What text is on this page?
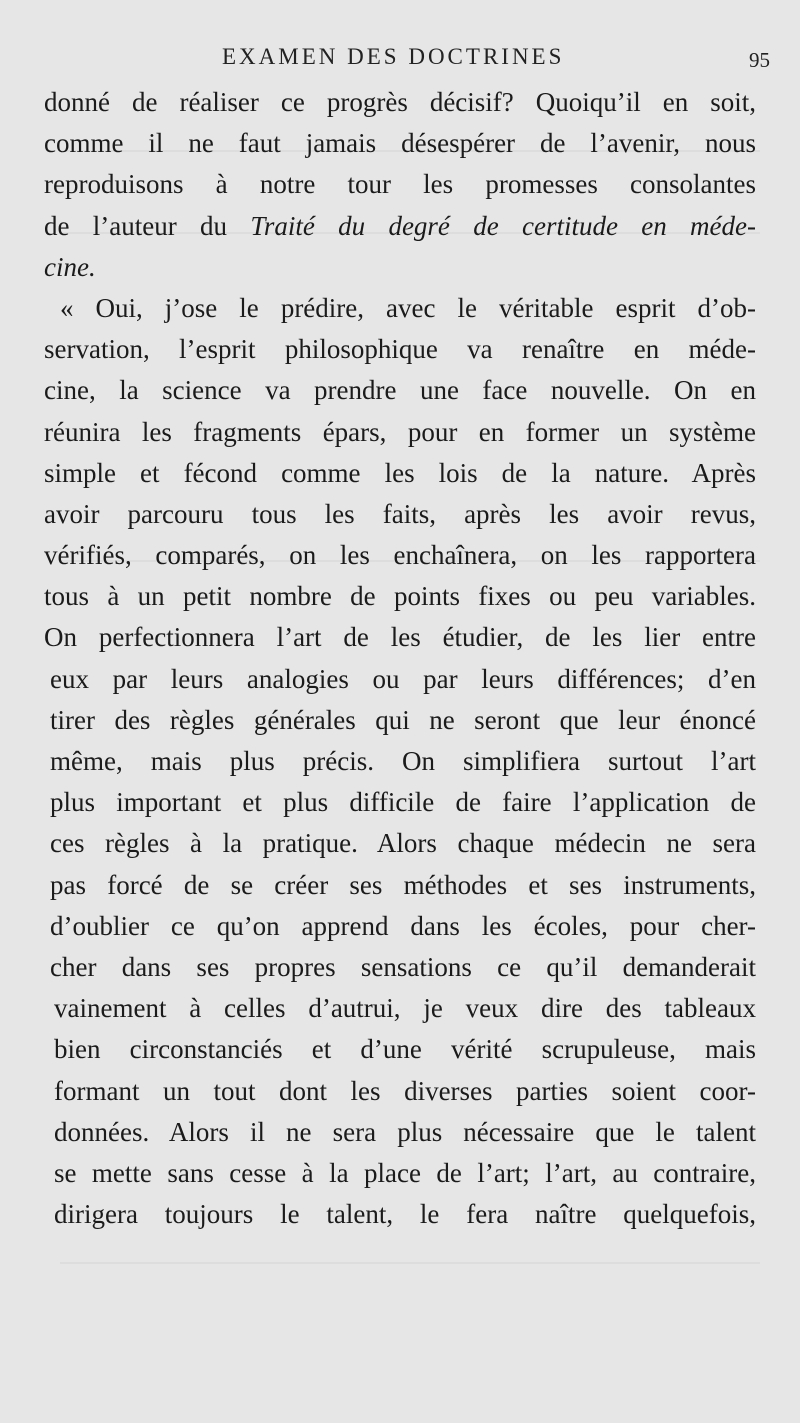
EXAMEN DES DOCTRINES	95
donné de réaliser ce progrès décisif? Quoiqu’il en soit,
comme il ne faut jamais désespérer de l’avenir, nous
reproduisons à notre tour les promesses consolantes
de l’auteur du Traité du degré de certitude en méde-
cine.
« Oui, j’ose le prédire, avec le véritable esprit d’ob-
servation, l’esprit philosophique va renaître en méde-
cine, la science va prendre une face nouvelle. On en
réunira les fragments épars, pour en former un système
simple et fécond comme les lois de la nature. Après
avoir parcouru tous les faits, après les avoir revus,
vérifiés, comparés, on les enchaînera, on les rapportera
tous à un petit nombre de points fixes ou peu variables.
On perfectionnera l’art de les étudier, de les lier entre
eux par leurs analogies ou par leurs différences; d’en
tirer des règles générales qui ne seront que leur énoncé
même, mais plus précis. On simplifiera surtout l’art
plus important et plus difficile de faire l’application de
ces règles à la pratique. Alors chaque médecin ne sera
pas forcé de se créer ses méthodes et ses instruments,
d’oublier ce qu’on apprend dans les écoles, pour cher-
cher dans ses propres sensations ce qu’il demanderait
vainement à celles d’autrui, je veux dire des tableaux
bien circonstanciés et d’une vérité scrupuleuse, mais
formant un tout dont les diverses parties soient coor-
données. Alors il ne sera plus nécessaire que le talent
se mette sans cesse à la place de l’art; l’art, au contraire,
dirigera toujours le talent, le fera naître quelquefois,
